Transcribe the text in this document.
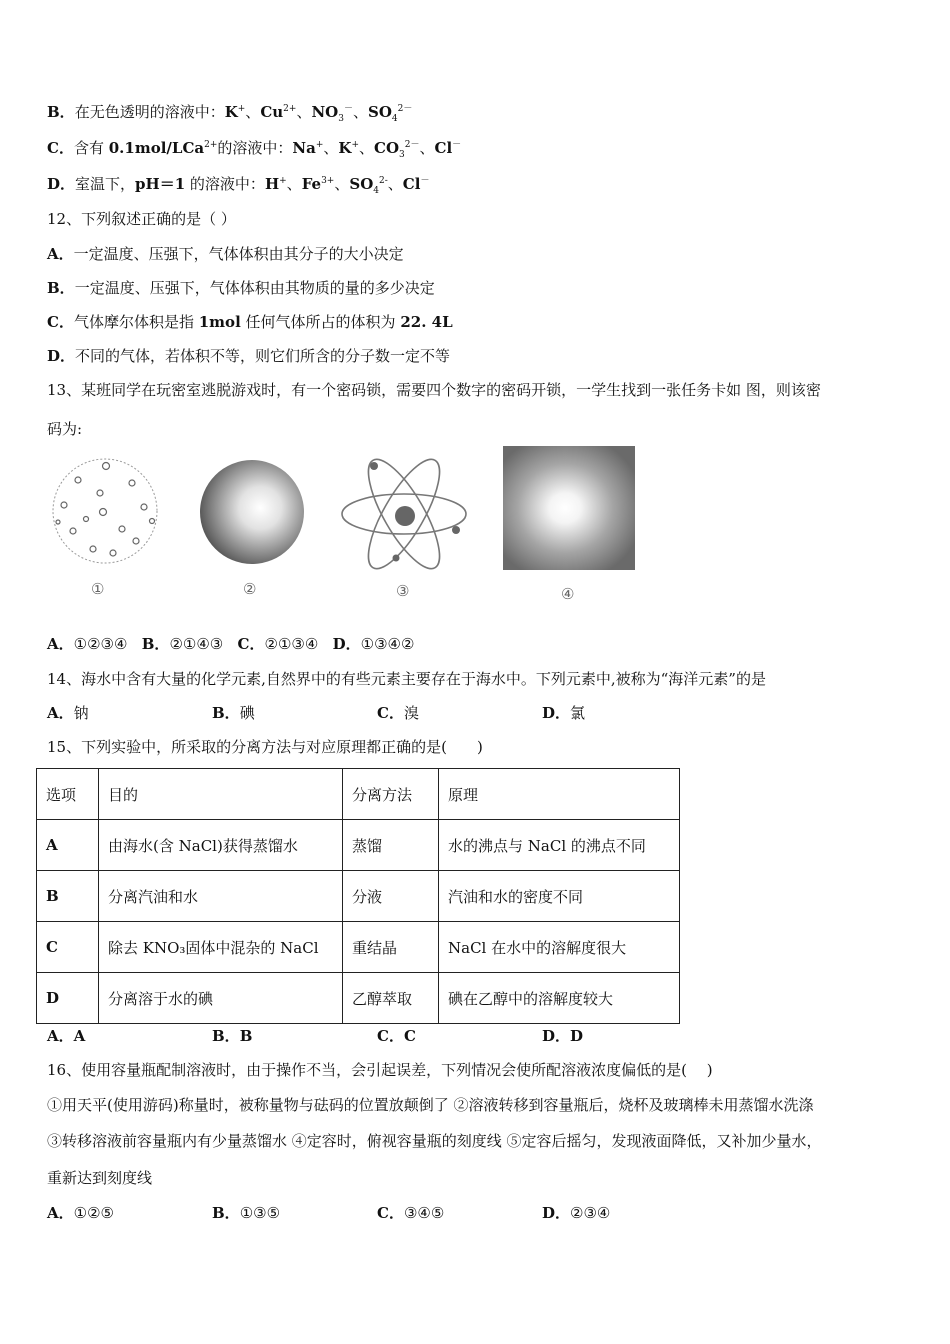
B．在无色透明的溶液中：K+、$Cu^{2+}$、$NO_3^-$、$SO_4^{2-}$
C．含有 0.1mol/LCa$^{2+}$的溶液中：Na+、K+、$CO_3^{2-}$、Cl－
D．室温下，pH＝1 的溶液中：H+、$Fe^{3+}$、$SO_4^{2-}$、Cl－
12、下列叙述正确的是（ ）
A．一定温度、压强下，气体体积由其分子的大小决定
B．一定温度、压强下，气体体积由其物质的量的多少决定
C．气体摩尔体积是指 1mol 任何气体所占的体积为 22. 4L
D．不同的气体，若体积不等，则它们所含的分子数一定不等
13、某班同学在玩密室逃脱游戏时，有一个密码锁，需要四个数字的密码开锁，一学生找到一张任务卡如 图，则该密
码为:
①	②	③	④
A．①②③④ B．②①④③ C．②①③④ D．①③④②
14、海水中含有大量的化学元素,自然界中的有些元素主要存在于海水中。下列元素中,被称为“海洋元素”的是
A．钠	B．碘	C．溴	D．氯
15、下列实验中，所采取的分离方法与对应原理都正确的是(　　)
选项	目的	分离方法	原理
A	由海水(含 NaCl)获得蒸馏水	蒸馏	水的沸点与 NaCl 的沸点不同
B	分离汽油和水	分液	汽油和水的密度不同
C	除去 KNO₃固体中混杂的 NaCl	重结晶	NaCl 在水中的溶解度很大
D	分离溶于水的碘	乙醇萃取	碘在乙醇中的溶解度较大
A．A	B．B	C．C	D．D
16、使用容量瓶配制溶液时，由于操作不当，会引起误差，下列情况会使所配溶液浓度偏低的是(　 )
①用天平(使用游码)称量时，被称量物与砝码的位置放颠倒了 ②溶液转移到容量瓶后，烧杯及玻璃棒未用蒸馏水洗涤
③转移溶液前容量瓶内有少量蒸馏水 ④定容时，俯视容量瓶的刻度线 ⑤定容后摇匀，发现液面降低，又补加少量水，
重新达到刻度线
A．①②⑤	B．①③⑤	C．③④⑤	D．②③④
